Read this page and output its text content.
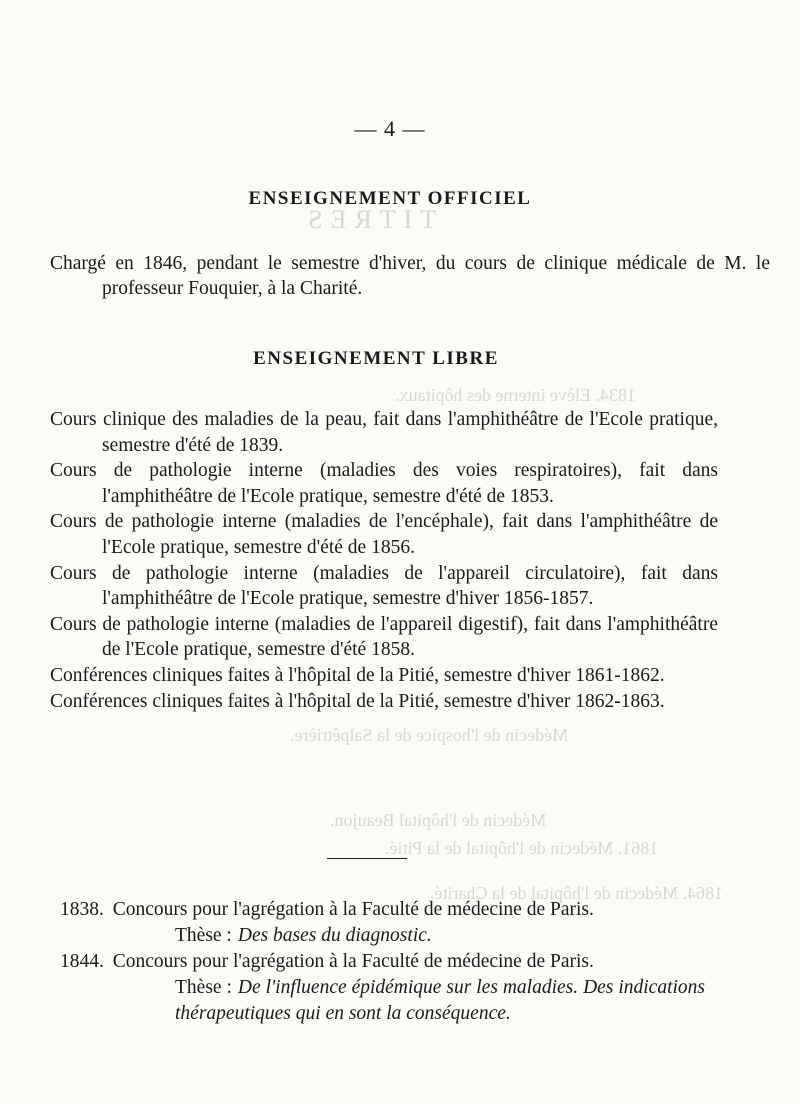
TITRES
1834. Elève interne des hôpitaux.
Médecin de l'hospice de la Salpêtrière.
Médecin de l'hôpital Beaujon.
1861. Médecin de l'hôpital de la Pitié.
1864. Médecin de l'hôpital de la Charité.
— 4 —
ENSEIGNEMENT OFFICIEL
Chargé en 1846, pendant le semestre d'hiver, du cours de clinique médicale de M. le professeur Fouquier, à la Charité.
ENSEIGNEMENT LIBRE
Cours clinique des maladies de la peau, fait dans l'amphithéâtre de l'Ecole pratique, semestre d'été de 1839.
Cours de pathologie interne (maladies des voies respiratoires), fait dans l'amphithéâtre de l'Ecole pratique, semestre d'été de 1853.
Cours de pathologie interne (maladies de l'encéphale), fait dans l'amphithéâtre de l'Ecole pratique, semestre d'été de 1856.
Cours de pathologie interne (maladies de l'appareil circulatoire), fait dans l'amphithéâtre de l'Ecole pratique, semestre d'hiver 1856-1857.
Cours de pathologie interne (maladies de l'appareil digestif), fait dans l'amphithéâtre de l'Ecole pratique, semestre d'été 1858.
Conférences cliniques faites à l'hôpital de la Pitié, semestre d'hiver 1861-1862.
Conférences cliniques faites à l'hôpital de la Pitié, semestre d'hiver 1862-1863.
1838. Concours pour l'agrégation à la Faculté de médecine de Paris.
Thèse : Des bases du diagnostic.
1844. Concours pour l'agrégation à la Faculté de médecine de Paris.
Thèse : De l'influence épidémique sur les maladies. Des indications thérapeutiques qui en sont la conséquence.
